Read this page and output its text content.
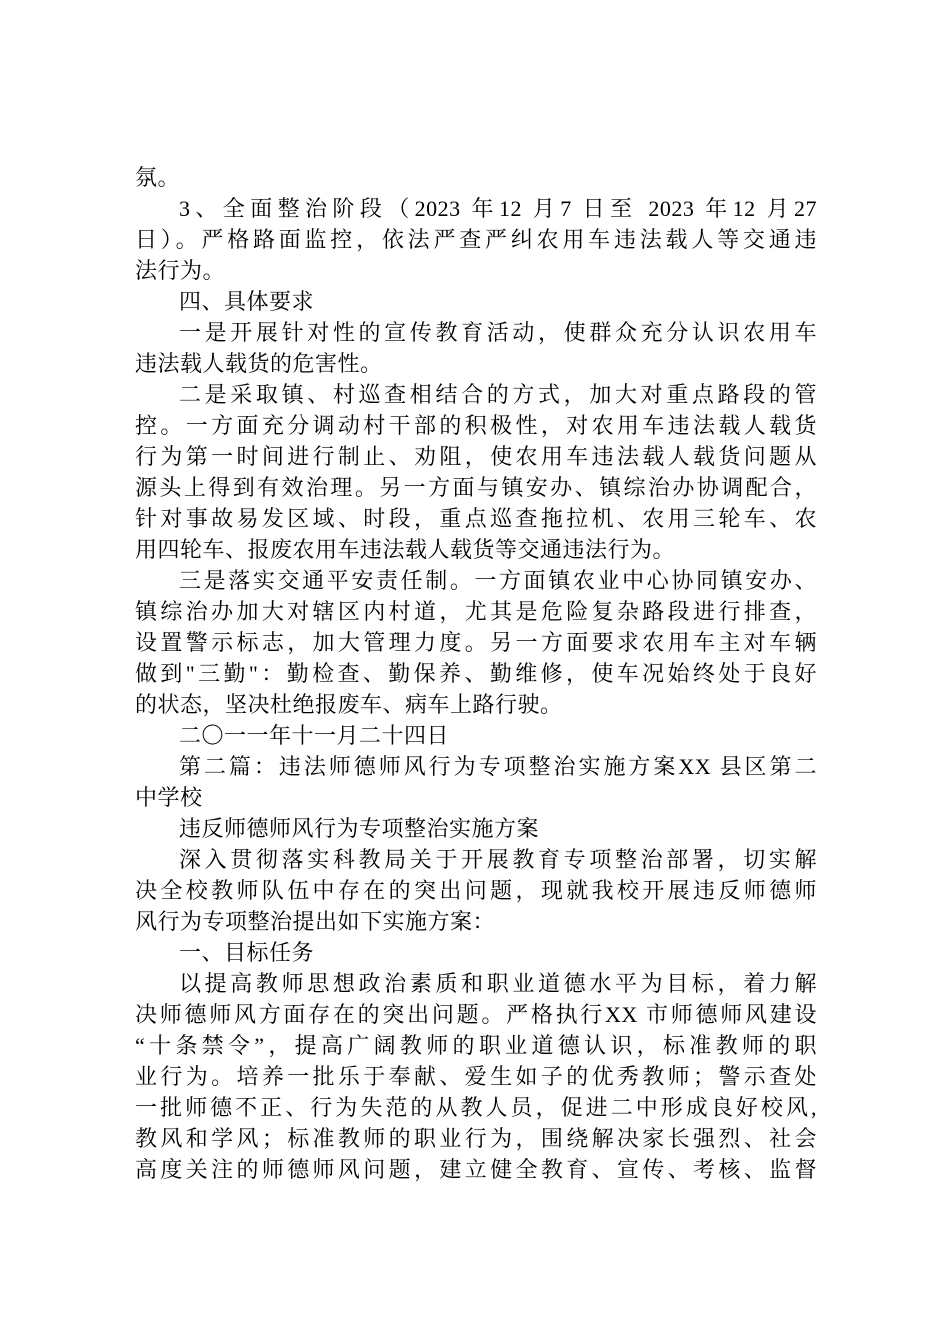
氛。
3、全面整治阶段（2023 年12 月7 日至 2023 年12 月27
日）。严格路面监控，依法严查严纠农用车违法载人等交通违
法行为。
四、具体要求
一是开展针对性的宣传教育活动，使群众充分认识农用车
违法载人载货的危害性。
二是采取镇、村巡查相结合的方式，加大对重点路段的管
控。一方面充分调动村干部的积极性，对农用车违法载人载货
行为第一时间进行制止、劝阻，使农用车违法载人载货问题从
源头上得到有效治理。另一方面与镇安办、镇综治办协调配合，
针对事故易发区域、时段，重点巡查拖拉机、农用三轮车、农
用四轮车、报废农用车违法载人载货等交通违法行为。
三是落实交通平安责任制。一方面镇农业中心协同镇安办、
镇综治办加大对辖区内村道，尤其是危险复杂路段进行排查，
设置警示标志，加大管理力度。另一方面要求农用车主对车辆
做到"三勤"：勤检查、勤保养、勤维修，使车况始终处于良好
的状态，坚决杜绝报废车、病车上路行驶。
二〇一一年十一月二十四日
第二篇：违法师德师风行为专项整治实施方案XX 县区第二
中学校
违反师德师风行为专项整治实施方案
深入贯彻落实科教局关于开展教育专项整治部署，切实解
决全校教师队伍中存在的突出问题，现就我校开展违反师德师
风行为专项整治提出如下实施方案：
一、目标任务
以提高教师思想政治素质和职业道德水平为目标，着力解
决师德师风方面存在的突出问题。严格执行XX 市师德师风建设
“十条禁令”，提高广阔教师的职业道德认识，标准教师的职
业行为。培养一批乐于奉献、爱生如子的优秀教师；警示查处
一批师德不正、行为失范的从教人员，促进二中形成良好校风,
教风和学风；标准教师的职业行为，围绕解决家长强烈、社会
高度关注的师德师风问题，建立健全教育、宣传、考核、监督
